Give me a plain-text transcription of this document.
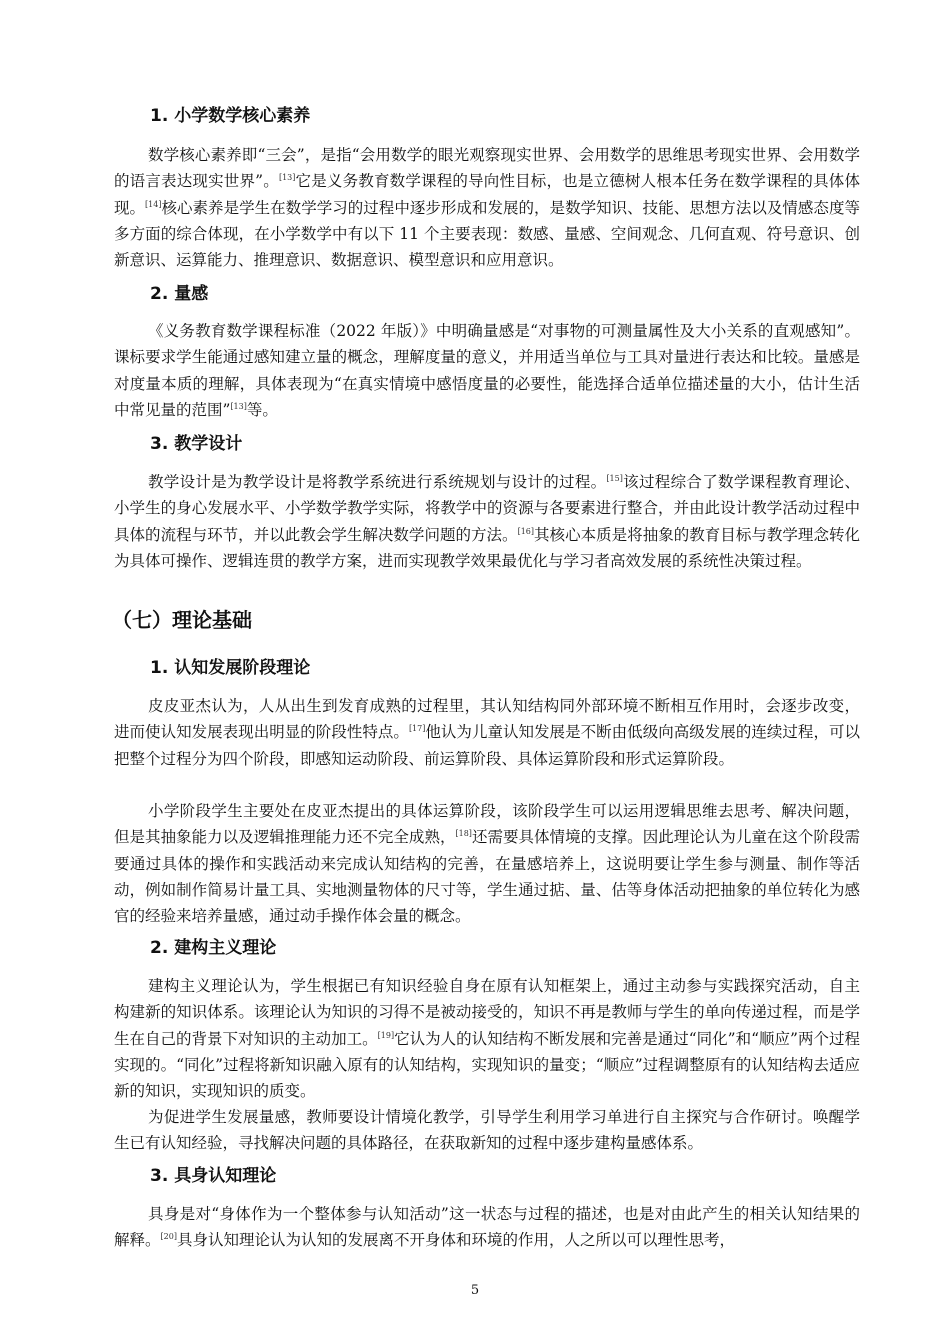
1. 小学数学核心素养

数学核心素养即“三会”，是指“会用数学的眼光观察现实世界、会用数学的思维思考现实世界、会用数学的语言表达现实世界”。[13]它是义务教育数学课程的导向性目标，也是立德树人根本任务在数学课程的具体体现。[14]核心素养是学生在数学学习的过程中逐步形成和发展的，是数学知识、技能、思想方法以及情感态度等多方面的综合体现，在小学数学中有以下 11 个主要表现：数感、量感、空间观念、几何直观、符号意识、创新意识、运算能力、推理意识、数据意识、模型意识和应用意识。

2. 量感

《义务教育数学课程标准（2022 年版）》中明确量感是“对事物的可测量属性及大小关系的直观感知”。课标要求学生能通过感知建立量的概念，理解度量的意义，并用适当单位与工具对量进行表达和比较。量感是对度量本质的理解，具体表现为“在真实情境中感悟度量的必要性，能选择合适单位描述量的大小，估计生活中常见量的范围”[13]等。

3. 教学设计

教学设计是为教学设计是将教学系统进行系统规划与设计的过程。[15]该过程综合了数学课程教育理论、小学生的身心发展水平、小学数学教学实际，将教学中的资源与各要素进行整合，并由此设计教学活动过程中具体的流程与环节，并以此教会学生解决数学问题的方法。[16]其核心本质是将抽象的教育目标与教学理念转化为具体可操作、逻辑连贯的教学方案，进而实现教学效果最优化与学习者高效发展的系统性决策过程。

（七）理论基础
1. 认知发展阶段理论

皮皮亚杰认为，人从出生到发育成熟的过程里，其认知结构同外部环境不断相互作用时，会逐步改变，进而使认知发展表现出明显的阶段性特点。[17]他认为儿童认知发展是不断由低级向高级发展的连续过程，可以把整个过程分为四个阶段，即感知运动阶段、前运算阶段、具体运算阶段和形式运算阶段。

小学阶段学生主要处在皮亚杰提出的具体运算阶段，该阶段学生可以运用逻辑思维去思考、解决问题，但是其抽象能力以及逻辑推理能力还不完全成熟，[18]还需要具体情境的支撑。因此理论认为儿童在这个阶段需要通过具体的操作和实践活动来完成认知结构的完善，在量感培养上，这说明要让学生参与测量、制作等活动，例如制作简易计量工具、实地测量物体的尺寸等，学生通过掂、量、估等身体活动把抽象的单位转化为感官的经验来培养量感，通过动手操作体会量的概念。

2. 建构主义理论

建构主义理论认为，学生根据已有知识经验自身在原有认知框架上，通过主动参与实践探究活动，自主构建新的知识体系。该理论认为知识的习得不是被动接受的，知识不再是教师与学生的单向传递过程，而是学生在自己的背景下对知识的主动加工。[19]它认为人的认知结构不断发展和完善是通过“同化”和“顺应”两个过程实现的。“同化”过程将新知识融入原有的认知结构，实现知识的量变；“顺应”过程调整原有的认知结构去适应新的知识，实现知识的质变。

为促进学生发展量感，教师要设计情境化教学，引导学生利用学习单进行自主探究与合作研讨。唤醒学生已有认知经验，寻找解决问题的具体路径，在获取新知的过程中逐步建构量感体系。

3. 具身认知理论

具身是对“身体作为一个整体参与认知活动”这一状态与过程的描述，也是对由此产生的相关认知结果的解释。[20]具身认知理论认为认知的发展离不开身体和环境的作用，人之所以可以理性思考，

5
